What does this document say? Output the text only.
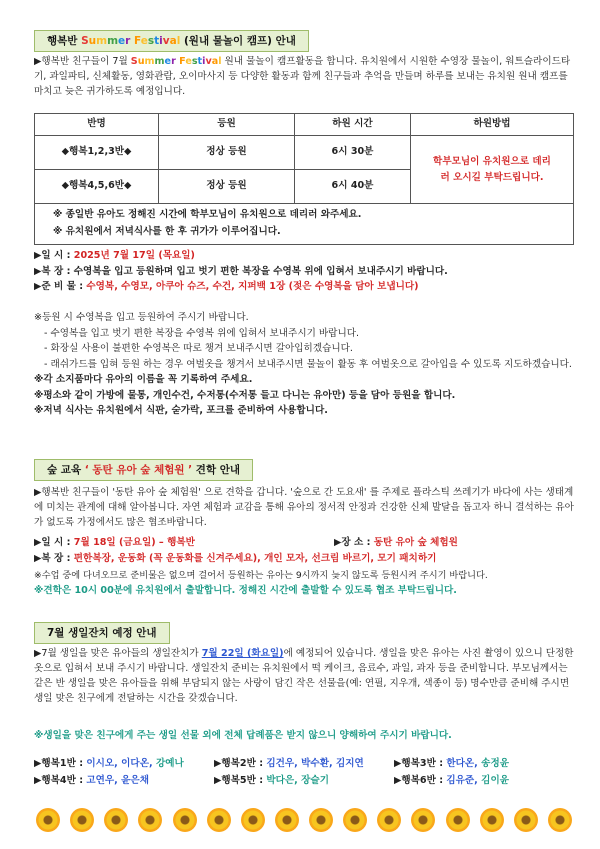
행복반 Summer Festival (원내 물놀이 캠프) 안내

▶행복반 친구들이 7월 Summer Festival 원내 물놀이 캠프활동을 합니다. 유치원에서 시원한 수영장 물놀이, 워트슬라이드타기, 과일파티, 신체활동, 영화관람, 오이마사지 등 다양한 활동과 함께 친구들과 추억을 만들며 하루를 보내는 유치원 원내 캠프를 마치고 늦은 귀가하도록 예정입니다.

반명	등원	하원 시간	하원방법
◆행복1,2,3반◆	정상 등원	6시 30분	학부모님이 유치원으로 데리러 오시길 부탁드립니다.
◆행복4,5,6반◆	정상 등원	6시 40분	
※ 종일반 유아도 정해진 시간에 학부모님이 유치원으로 데리러 와주세요.
※ 유치원에서 저녁식사를 한 후 귀가가 이루어집니다.
▶일 시 : 2025년 7월 17일 (목요일)
▶복 장 : 수영복을 입고 등원하며 입고 벗기 편한 복장을 수영복 위에 입혀서 보내주시기 바랍니다.
▶준 비 물 : 수영복, 수영모, 아쿠아 슈즈, 수건, 지퍼백 1장 (젖은 수영복을 담아 보냅니다)
※등원 시 수영복을 입고 등원하여 주시기 바랍니다.
- 수영복을 입고 벗기 편한 복장을 수영복 위에 입혀서 보내주시기 바랍니다.
- 화장실 사용이 불편한 수영복은 따로 챙겨 보내주시면 갈아입히겠습니다.
- 래쉬가드를 입혀 등원 하는 경우 여벌옷을 챙겨서 보내주시면 물놀이 활동 후 여벌옷으로 갈아입을 수 있도록 지도하겠습니다.
※각 소지품마다 유아의 이름을 꼭 기록하여 주세요.
※평소와 같이 가방에 물통, 개인수건, 수저통(수저통 들고 다니는 유아만) 등을 담아 등원을 합니다.
※저녁 식사는 유치원에서 식판, 숟가락, 포크를 준비하여 사용합니다.
숲 교육 ‘ 동탄 유아 숲 체험원 ’ 견학 안내

▶행복반 친구들이 '동탄 유아 숲 체험원' 으로 견학을 갑니다. '숲으로 간 도요새' 를 주제로 플라스틱 쓰레기가 바다에 사는 생태계에 미치는 관계에 대해 알아봅니다. 자연 체험과 교감을 통해 유아의 정서적 안정과 건강한 신체 발달을 돕고자 하니 결석하는 유아가 없도록 가정에서도 많은 협조바랍니다.

▶일 시 : 7월 18일 (금요일) – 행복반	▶장 소 : 동탄 유아 숲 체험원
▶복 장 : 편한복장, 운동화 (꼭 운동화를 신겨주세요), 개인 모자, 선크림 바르기, 모기 패치하기
※수업 중에 다녀오므로 준비물은 없으며 걸어서 등원하는 유아는 9시까지 늦지 않도록 등원시켜 주시기 바랍니다.
※견학은 10시 00분에 유치원에서 출발합니다. 정해진 시간에 출발할 수 있도록 협조 부탁드립니다.
7월 생일잔치 예정 안내

▶7월 생일을 맞은 유아들의 생일잔치가 7월 22일 (화요일)에 예정되어 있습니다. 생일을 맞은 유아는 사진 촬영이 있으니 단정한 옷으로 입혀서 보내 주시기 바랍니다. 생일잔치 준비는 유치원에서 떡 케이크, 음료수, 과일, 과자 등을 준비합니다. 부모님께서는 같은 반 생일을 맞은 유아들을 위해 부담되지 않는 사랑이 담긴 작은 선물을(예: 연필, 지우개, 색종이 등) 명수만큼 준비해 주시면 생일 맞은 친구에게 전달하는 시간을 갖겠습니다.

※생일을 맞은 친구에게 주는 생일 선물 외에 전체 답례품은 받지 않으니 양해하여 주시기 바랍니다.
▶행복1반 : 이시오, 이다온, 강예나	▶행복2반 : 김건우, 박수환, 김지연	▶행복3반 : 한다온, 송정윤
▶행복4반 : 고연우, 윤은채	▶행복5반 : 박다은, 장슬기	▶행복6반 : 김유준, 김이윤
